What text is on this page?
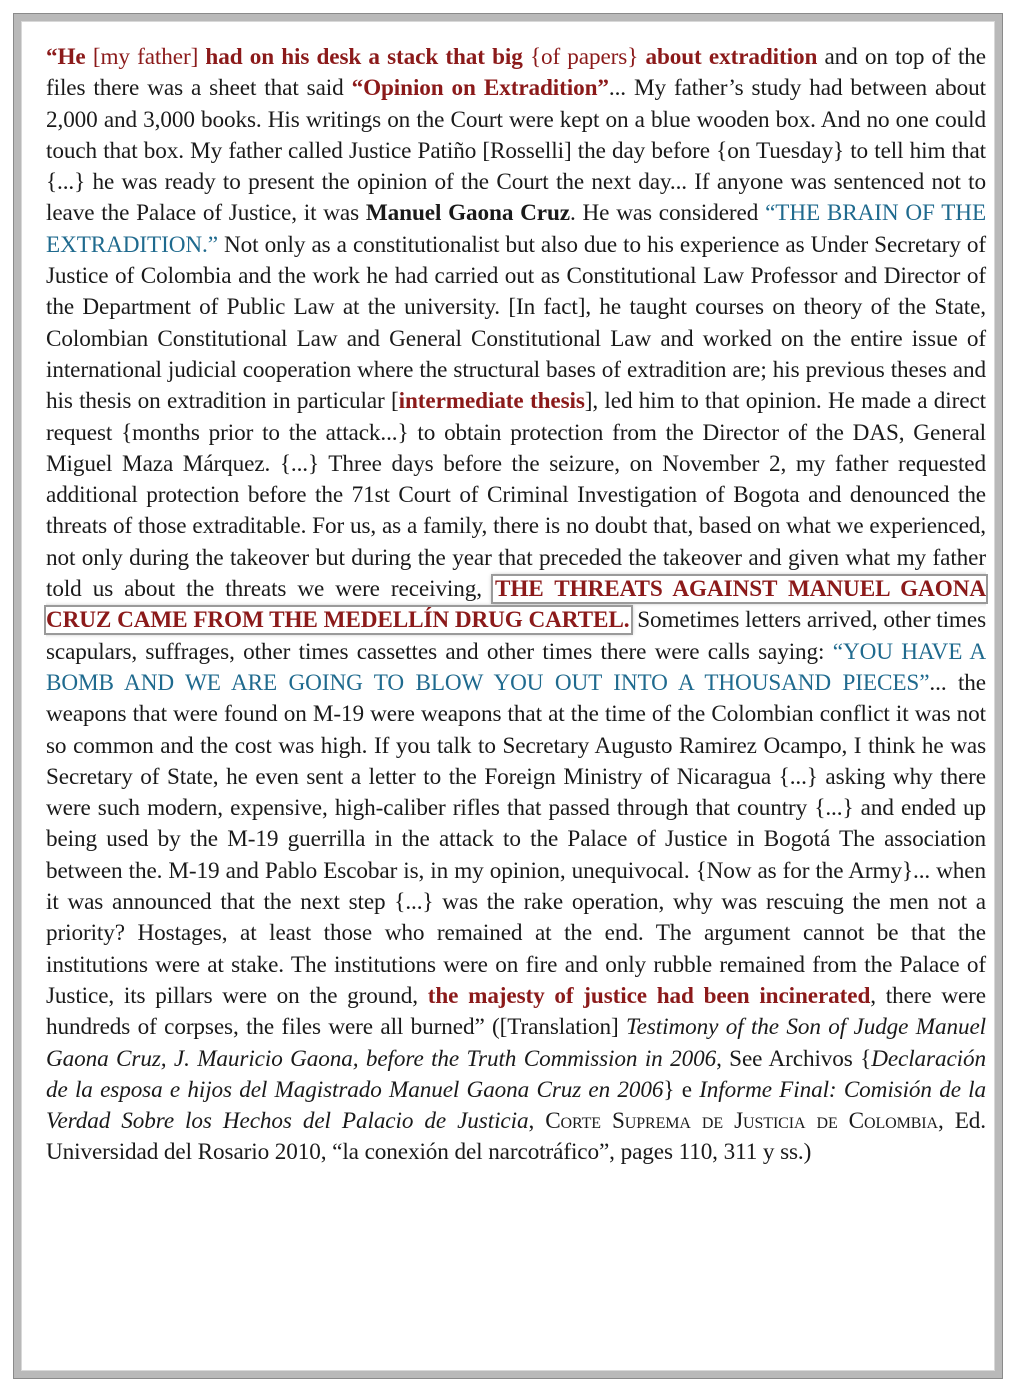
“He [my father] had on his desk a stack that big {of papers} about extradition and on top of the files there was a sheet that said “Opinion on Extradition”... My father’s study had between about 2,000 and 3,000 books. His writings on the Court were kept on a blue wooden box. And no one could touch that box. My father called Justice Patiño [Rosselli] the day before {on Tuesday} to tell him that {...} he was ready to present the opinion of the Court the next day... If anyone was sentenced not to leave the Palace of Justice, it was Manuel Gaona Cruz. He was considered “THE BRAIN OF THE EXTRADITION.” Not only as a constitutionalist but also due to his experience as Under Secretary of Justice of Colombia and the work he had carried out as Constitutional Law Professor and Director of the Department of Public Law at the university. [In fact], he taught courses on theory of the State, Colombian Constitutional Law and General Constitutional Law and worked on the entire issue of international judicial cooperation where the structural bases of extradition are; his previous theses and his thesis on extradition in particular [intermediate thesis], led him to that opinion. He made a direct request {months prior to the attack...} to obtain protection from the Director of the DAS, General Miguel Maza Márquez. {...} Three days before the seizure, on November 2, my father requested additional protection before the 71st Court of Criminal Investigation of Bogota and denounced the threats of those extraditable. For us, as a family, there is no doubt that, based on what we experienced, not only during the takeover but during the year that preceded the takeover and given what my father told us about the threats we were receiving, THE THREATS AGAINST MANUEL GAONA CRUZ CAME FROM THE MEDELLÍN DRUG CARTEL. Sometimes letters arrived, other times scapulars, suffrages, other times cassettes and other times there were calls saying: “YOU HAVE A BOMB AND WE ARE GOING TO BLOW YOU OUT INTO A THOUSAND PIECES”... the weapons that were found on M-19 were weapons that at the time of the Colombian conflict it was not so common and the cost was high. If you talk to Secretary Augusto Ramirez Ocampo, I think he was Secretary of State, he even sent a letter to the Foreign Ministry of Nicaragua {...} asking why there were such modern, expensive, high-caliber rifles that passed through that country {...} and ended up being used by the M-19 guerrilla in the attack to the Palace of Justice in Bogotá The association between the. M-19 and Pablo Escobar is, in my opinion, unequivocal. {Now as for the Army}... when it was announced that the next step {...} was the rake operation, why was rescuing the men not a priority? Hostages, at least those who remained at the end. The argument cannot be that the institutions were at stake. The institutions were on fire and only rubble remained from the Palace of Justice, its pillars were on the ground, the majesty of justice had been incinerated, there were hundreds of corpses, the files were all burned” ([Translation] Testimony of the Son of Judge Manuel Gaona Cruz, J. Mauricio Gaona, before the Truth Commission in 2006, See Archivos {Declaración de la esposa e hijos del Magistrado Manuel Gaona Cruz en 2006} e Informe Final: Comisión de la Verdad Sobre los Hechos del Palacio de Justicia, Corte Suprema de Justicia de Colombia, Ed. Universidad del Rosario 2010, “la conexión del narcotráfico”, pages 110, 311 y ss.)
